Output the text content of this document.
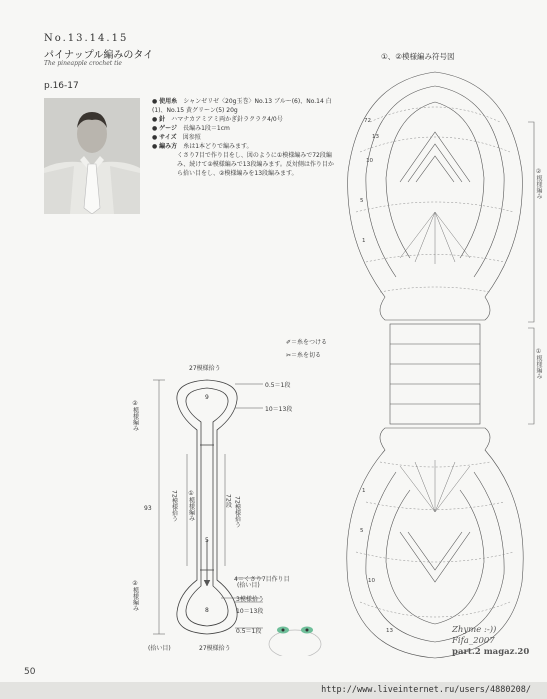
No.13.14.15
パイナップル編みのタイ
The pineapple crochet tie
p.16-17
● 使用糸　 シャンゼリゼ〈20g玉巻〉No.13 ブルー(6)、No.14 白(1)、No.15 黄グリーン(5) 20g
● 針　 ハマナカアミアミ両かぎ針ラクラク4/0号
● ゲージ　 長編み1段＝1cm
● サイズ　 図参照
● 編み方　 糸は1本どりで編みます。
くさり7目で作り目をし、図のように①模様編みで72段編み、続けて②模様編みで13段編みます。反対側は作り目から拾い目をし、②模様編みを13段編みます。
①、②模様編み符号図
✐＝糸をつける
✂＝糸を切る
②模様編み
①模様編み
72
13
10
5
1
1
5
10
13
27模様拾う
0.5＝1段
10＝13段
9
93
8
5
4＝くさり7目作り目
3模様拾う
10＝13段
0.5＝1段
27模様拾う
(拾い目)
(拾い目)
②模様編み
②模様編み
①模様編み
72模様拾う	72段 72模様拾う
Zhyme :-))
Fifa_2007
part.2 magaz.20
50
http://www.liveinternet.ru/users/4880208/
